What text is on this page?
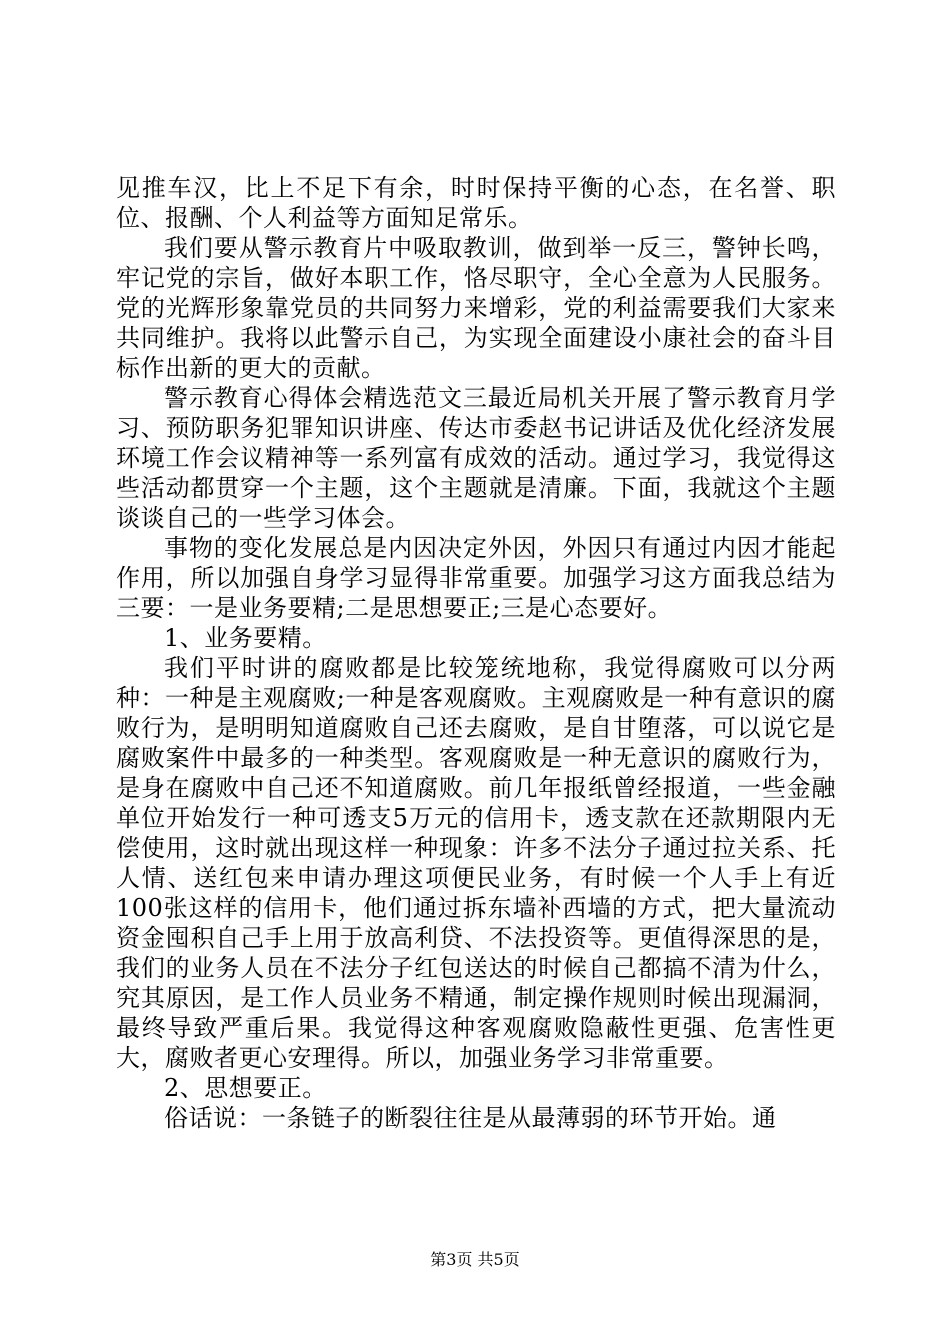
见推车汉，比上不足下有余，时时保持平衡的心态，在名誉、职位、报酬、个人利益等方面知足常乐。

我们要从警示教育片中吸取教训，做到举一反三，警钟长鸣，牢记党的宗旨，做好本职工作，恪尽职守，全心全意为人民服务。党的光辉形象靠党员的共同努力来增彩，党的利益需要我们大家来共同维护。我将以此警示自己，为实现全面建设小康社会的奋斗目标作出新的更大的贡献。

警示教育心得体会精选范文三最近局机关开展了警示教育月学习、预防职务犯罪知识讲座、传达市委赵书记讲话及优化经济发展环境工作会议精神等一系列富有成效的活动。通过学习，我觉得这些活动都贯穿一个主题，这个主题就是清廉。下面，我就这个主题谈谈自己的一些学习体会。

事物的变化发展总是内因决定外因，外因只有通过内因才能起作用，所以加强自身学习显得非常重要。加强学习这方面我总结为三要：一是业务要精;二是思想要正;三是心态要好。

1、业务要精。

我们平时讲的腐败都是比较笼统地称，我觉得腐败可以分两种：一种是主观腐败;一种是客观腐败。主观腐败是一种有意识的腐败行为，是明明知道腐败自己还去腐败，是自甘堕落，可以说它是腐败案件中最多的一种类型。客观腐败是一种无意识的腐败行为，是身在腐败中自己还不知道腐败。前几年报纸曾经报道，一些金融单位开始发行一种可透支5万元的信用卡，透支款在还款期限内无偿使用，这时就出现这样一种现象：许多不法分子通过拉关系、托人情、送红包来申请办理这项便民业务，有时候一个人手上有近100张这样的信用卡，他们通过拆东墙补西墙的方式，把大量流动资金囤积自己手上用于放高利贷、不法投资等。更值得深思的是，我们的业务人员在不法分子红包送达的时候自己都搞不清为什么，究其原因，是工作人员业务不精通，制定操作规则时候出现漏洞，最终导致严重后果。我觉得这种客观腐败隐蔽性更强、危害性更大，腐败者更心安理得。所以，加强业务学习非常重要。

2、思想要正。

俗话说：一条链子的断裂往往是从最薄弱的环节开始。通

第3页 共5页
